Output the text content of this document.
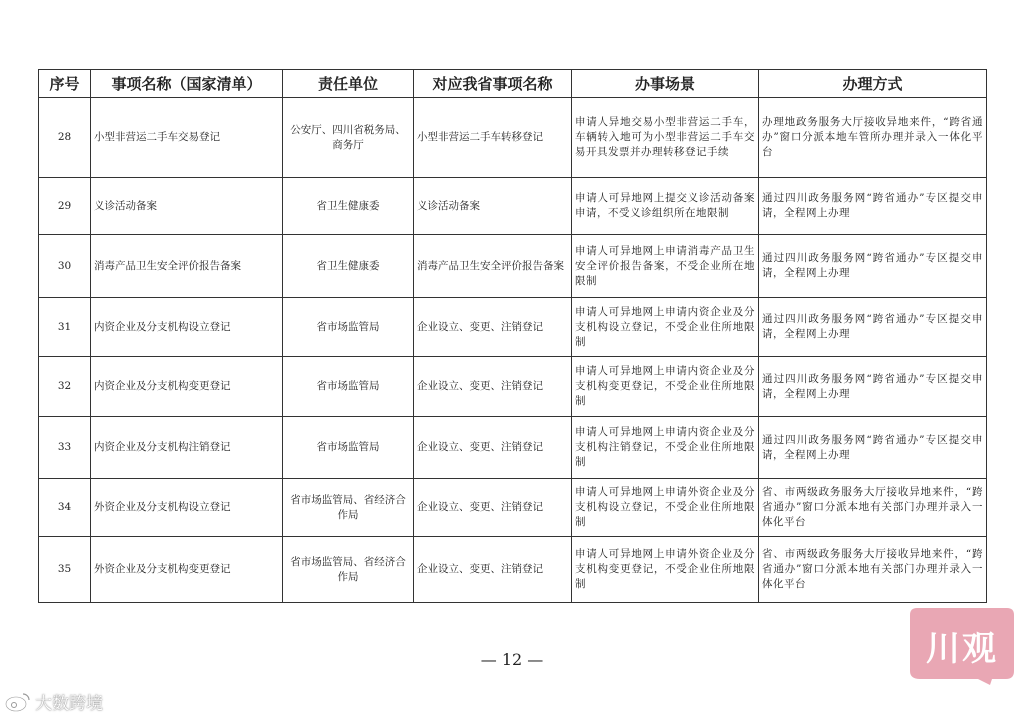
序号	事项名称（国家清单）	责任单位	对应我省事项名称	办事场景	办理方式
28	小型非营运二手车交易登记	公安厅、四川省税务局、商务厅	小型非营运二手车转移登记	申请人异地交易小型非营运二手车，车辆转入地可为小型非营运二手车交易开具发票并办理转移登记手续	办理地政务服务大厅接收异地来件，“跨省通办”窗口分派本地车管所办理并录入一体化平台
29	义诊活动备案	省卫生健康委	义诊活动备案	申请人可异地网上提交义诊活动备案申请，不受义诊组织所在地限制	通过四川政务服务网“跨省通办”专区提交申请，全程网上办理
30	消毒产品卫生安全评价报告备案	省卫生健康委	消毒产品卫生安全评价报告备案	申请人可异地网上申请消毒产品卫生安全评价报告备案，不受企业所在地限制	通过四川政务服务网“跨省通办”专区提交申请，全程网上办理
31	内资企业及分支机构设立登记	省市场监管局	企业设立、变更、注销登记	申请人可异地网上申请内资企业及分支机构设立登记，不受企业住所地限制	通过四川政务服务网“跨省通办”专区提交申请，全程网上办理
32	内资企业及分支机构变更登记	省市场监管局	企业设立、变更、注销登记	申请人可异地网上申请内资企业及分支机构变更登记，不受企业住所地限制	通过四川政务服务网“跨省通办”专区提交申请，全程网上办理
33	内资企业及分支机构注销登记	省市场监管局	企业设立、变更、注销登记	申请人可异地网上申请内资企业及分支机构注销登记，不受企业住所地限制	通过四川政务服务网“跨省通办”专区提交申请，全程网上办理
34	外资企业及分支机构设立登记	省市场监管局、省经济合作局	企业设立、变更、注销登记	申请人可异地网上申请外资企业及分支机构设立登记，不受企业住所地限制	省、市两级政务服务大厅接收异地来件，“跨省通办”窗口分派本地有关部门办理并录入一体化平台
35	外资企业及分支机构变更登记	省市场监管局、省经济合作局	企业设立、变更、注销登记	申请人可异地网上申请外资企业及分支机构变更登记，不受企业住所地限制	省、市两级政务服务大厅接收异地来件，“跨省通办”窗口分派本地有关部门办理并录入一体化平台
— 12 —
大数跨境
川观
